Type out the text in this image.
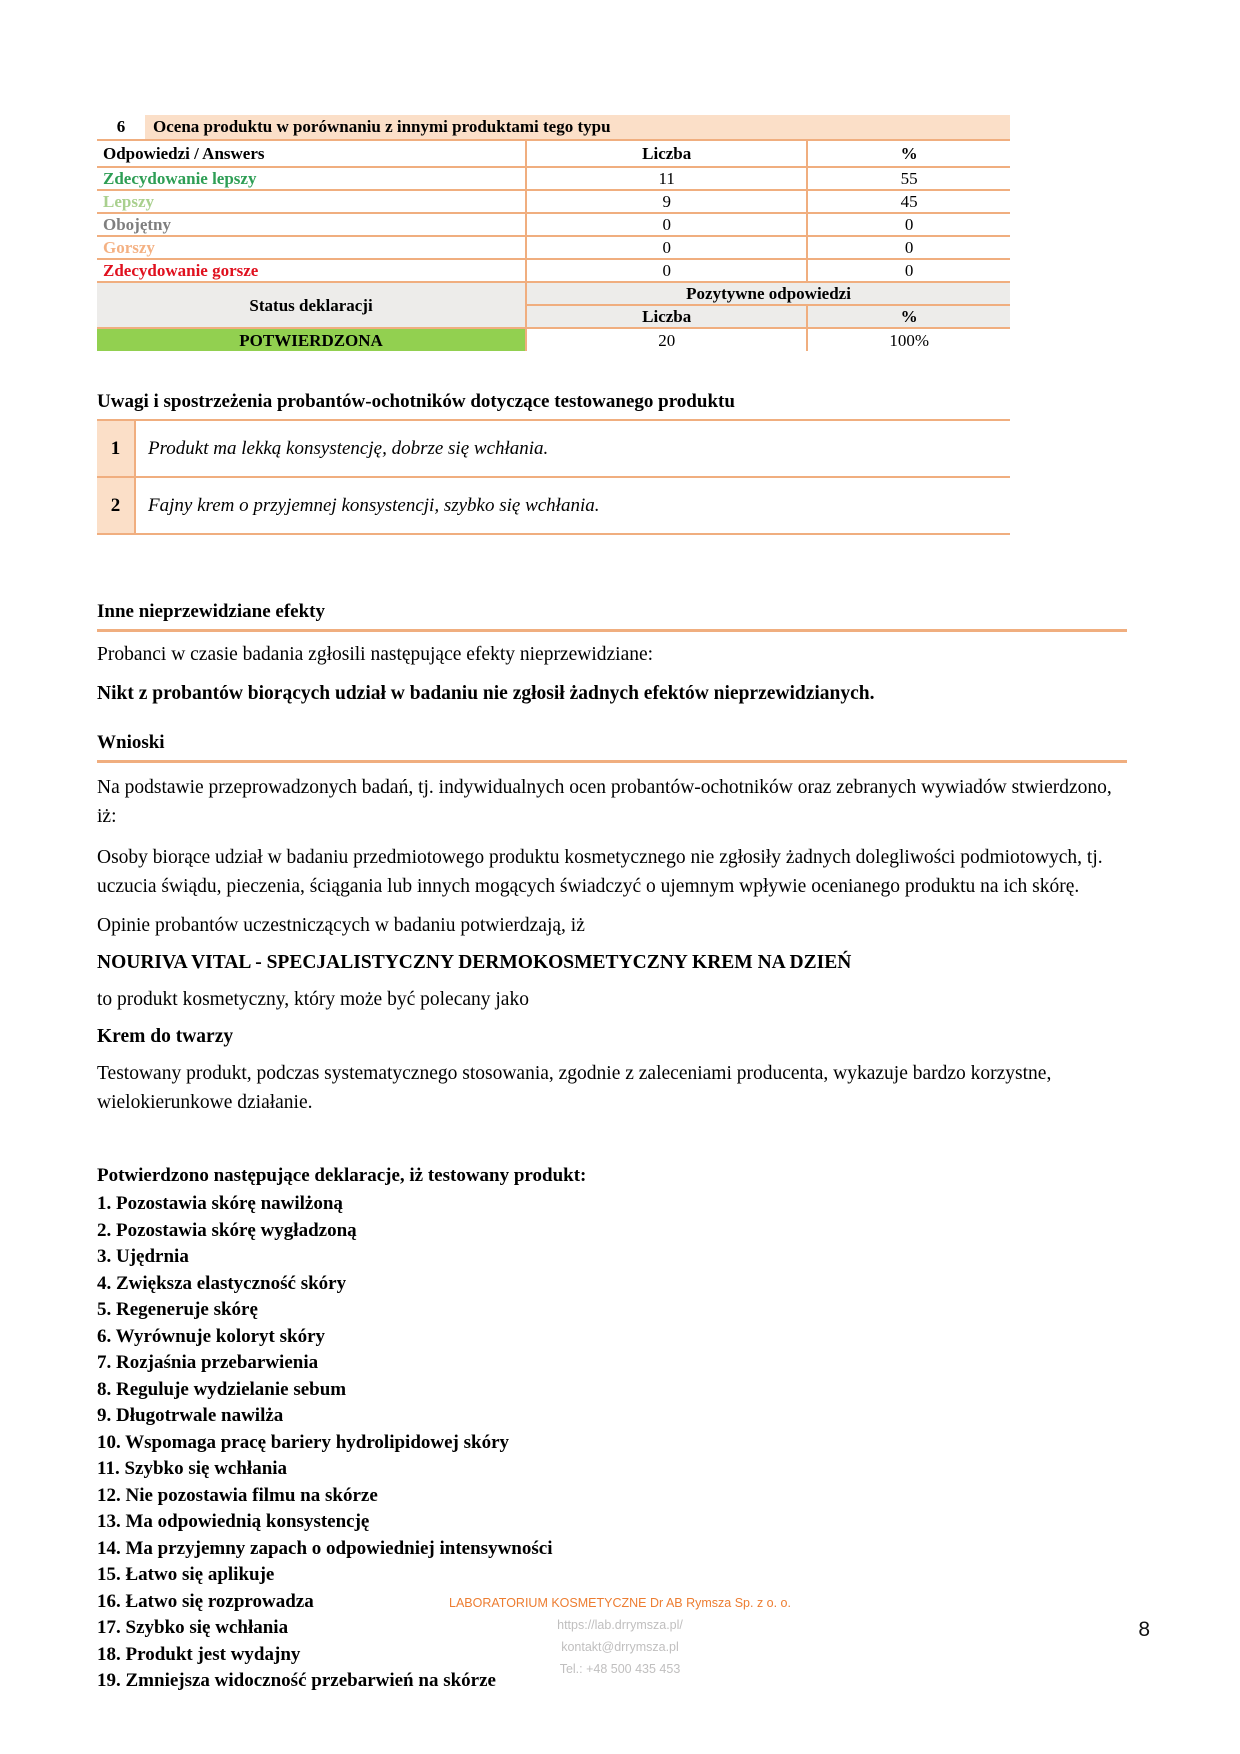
6	Ocena produktu w porównaniu z innymi produktami tego typu
Odpowiedzi / Answers	Liczba	%
Zdecydowanie lepszy	11	55
Lepszy	9	45
Obojętny	0	0
Gorszy	0	0
Zdecydowanie gorsze	0	0
Status deklaracji	Pozytywne odpowiedzi	
	Liczba	%
POTWIERDZONA	20	100%
Uwagi i spostrzeżenia probantów-ochotników dotyczące testowanego produktu
1	Produkt ma lekką konsystencję, dobrze się wchłania.
2	Fajny krem o przyjemnej konsystencji, szybko się wchłania.
Inne nieprzewidziane efekty
Probanci w czasie badania zgłosili następujące efekty nieprzewidziane:
Nikt z probantów biorących udział w badaniu nie zgłosił żadnych efektów nieprzewidzianych.
Wnioski
Na podstawie przeprowadzonych badań, tj. indywidualnych ocen probantów-ochotników oraz zebranych wywiadów stwierdzono, iż:
Osoby biorące udział w badaniu przedmiotowego produktu kosmetycznego nie zgłosiły żadnych dolegliwości podmiotowych, tj. uczucia świądu, pieczenia, ściągania lub innych mogących świadczyć o ujemnym wpływie ocenianego produktu na ich skórę.
Opinie probantów uczestniczących w badaniu potwierdzają, iż
NOURIVA VITAL - SPECJALISTYCZNY DERMOKOSMETYCZNY KREM NA DZIEŃ
to produkt kosmetyczny, który może być polecany jako
Krem do twarzy
Testowany produkt, podczas systematycznego stosowania, zgodnie z zaleceniami producenta, wykazuje bardzo korzystne, wielokierunkowe działanie.
Potwierdzono następujące deklaracje, iż testowany produkt:
1. Pozostawia skórę nawilżoną
2. Pozostawia skórę wygładzoną
3. Ujędrnia
4. Zwiększa elastyczność skóry
5. Regeneruje skórę
6. Wyrównuje koloryt skóry
7. Rozjaśnia przebarwienia
8. Reguluje wydzielanie sebum
9. Długotrwale nawilża
10. Wspomaga pracę bariery hydrolipidowej skóry
11. Szybko się wchłania
12. Nie pozostawia filmu na skórze
13. Ma odpowiednią konsystencję
14. Ma przyjemny zapach o odpowiedniej intensywności
15. Łatwo się aplikuje
16. Łatwo się rozprowadza
17. Szybko się wchłania
18. Produkt jest wydajny
19. Zmniejsza widoczność przebarwień na skórze
LABORATORIUM KOSMETYCZNE Dr AB Rymsza Sp. z o. o.
https://lab.drrymsza.pl/
kontakt@drrymsza.pl
Tel.: +48 500 435 453
8
